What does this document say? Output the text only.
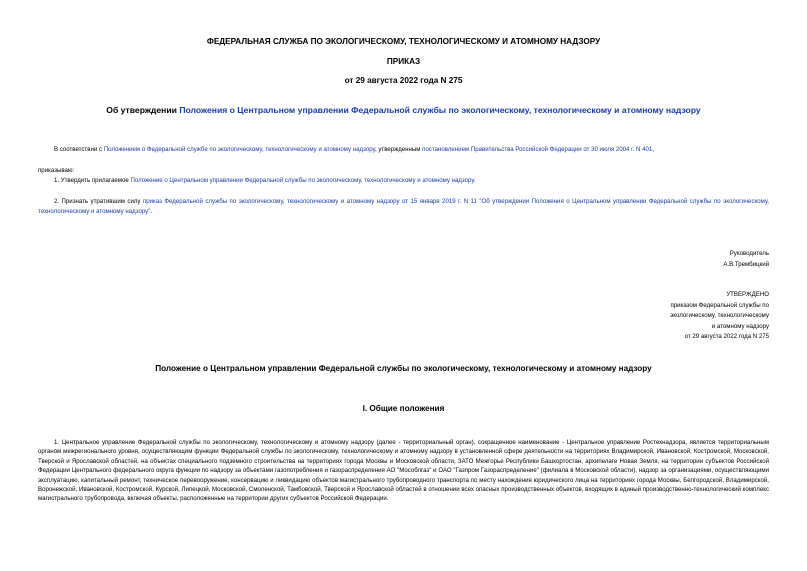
ФЕДЕРАЛЬНАЯ СЛУЖБА ПО ЭКОЛОГИЧЕСКОМУ, ТЕХНОЛОГИЧЕСКОМУ И АТОМНОМУ НАДЗОРУ
ПРИКАЗ
от 29 августа 2022 года N 275
Об утверждении Положения о Центральном управлении Федеральной службы по экологическому, технологическому и атомному надзору
В соответствии с Положением о Федеральной службе по экологическому, технологическому и атомному надзору, утвержденным постановлением Правительства Российской Федерации от 30 июля 2004 г. N 401,
приказываю:
1. Утвердить прилагаемое Положение о Центральном управлении Федеральной службы по экологическому, технологическому и атомному надзору.
2. Признать утратившим силу приказ Федеральной службы по экологическому, технологическому и атомному надзору от 15 января 2019 г. N 11 "Об утверждении Положения о Центральном управлении Федеральной службы по экологическому, технологическому и атомному надзору".
Руководитель
А.В.Трембицкий
УТВЕРЖДЕНО
приказом Федеральной службы по
экологическому, технологическому
и атомному надзору
от 29 августа 2022 года N 275
Положение о Центральном управлении Федеральной службы по экологическому, технологическому и атомному надзору
I. Общие положения
1. Центральное управление Федеральной службы по экологическому, технологическому и атомному надзору (далее - территориальный орган), сокращенное наименование - Центральное управление Ростехнадзора, является территориальным органом межрегионального уровня, осуществляющим функции Федеральной службы по экологическому, технологическому и атомному надзору в установленной сфере деятельности на территориях Владимирской, Ивановской, Костромской, Московской, Тверской и Ярославской областей, на объектах специального подземного строительства на территориях города Москвы и Московской области, ЗАТО Межгорье Республики Башкортостан, архипелаге Новая Земля, на территории субъектов Российской Федерации Центрального федерального округа функции по надзору за объектами газопотребления и газораспределения АО "Мособлгаз" и ОАО "Газпром Газораспределение" (филиала в Московской области), надзор за организациями, осуществляющими эксплуатацию, капитальный ремонт, техническое перевооружение, консервацию и ликвидацию объектов магистрального трубопроводного транспорта по месту нахождения юридического лица на территориях города Москвы, Белгородской, Владимирской, Воронежской, Ивановской, Костромской, Курской, Липецкой, Московской, Смоленской, Тамбовской, Тверской и Ярославской областей в отношении всех опасных производственных объектов, входящих в единый производственно-технологический комплекс магистрального трубопровода, включая объекты, расположенные на территории других субъектов Российской Федерации.
